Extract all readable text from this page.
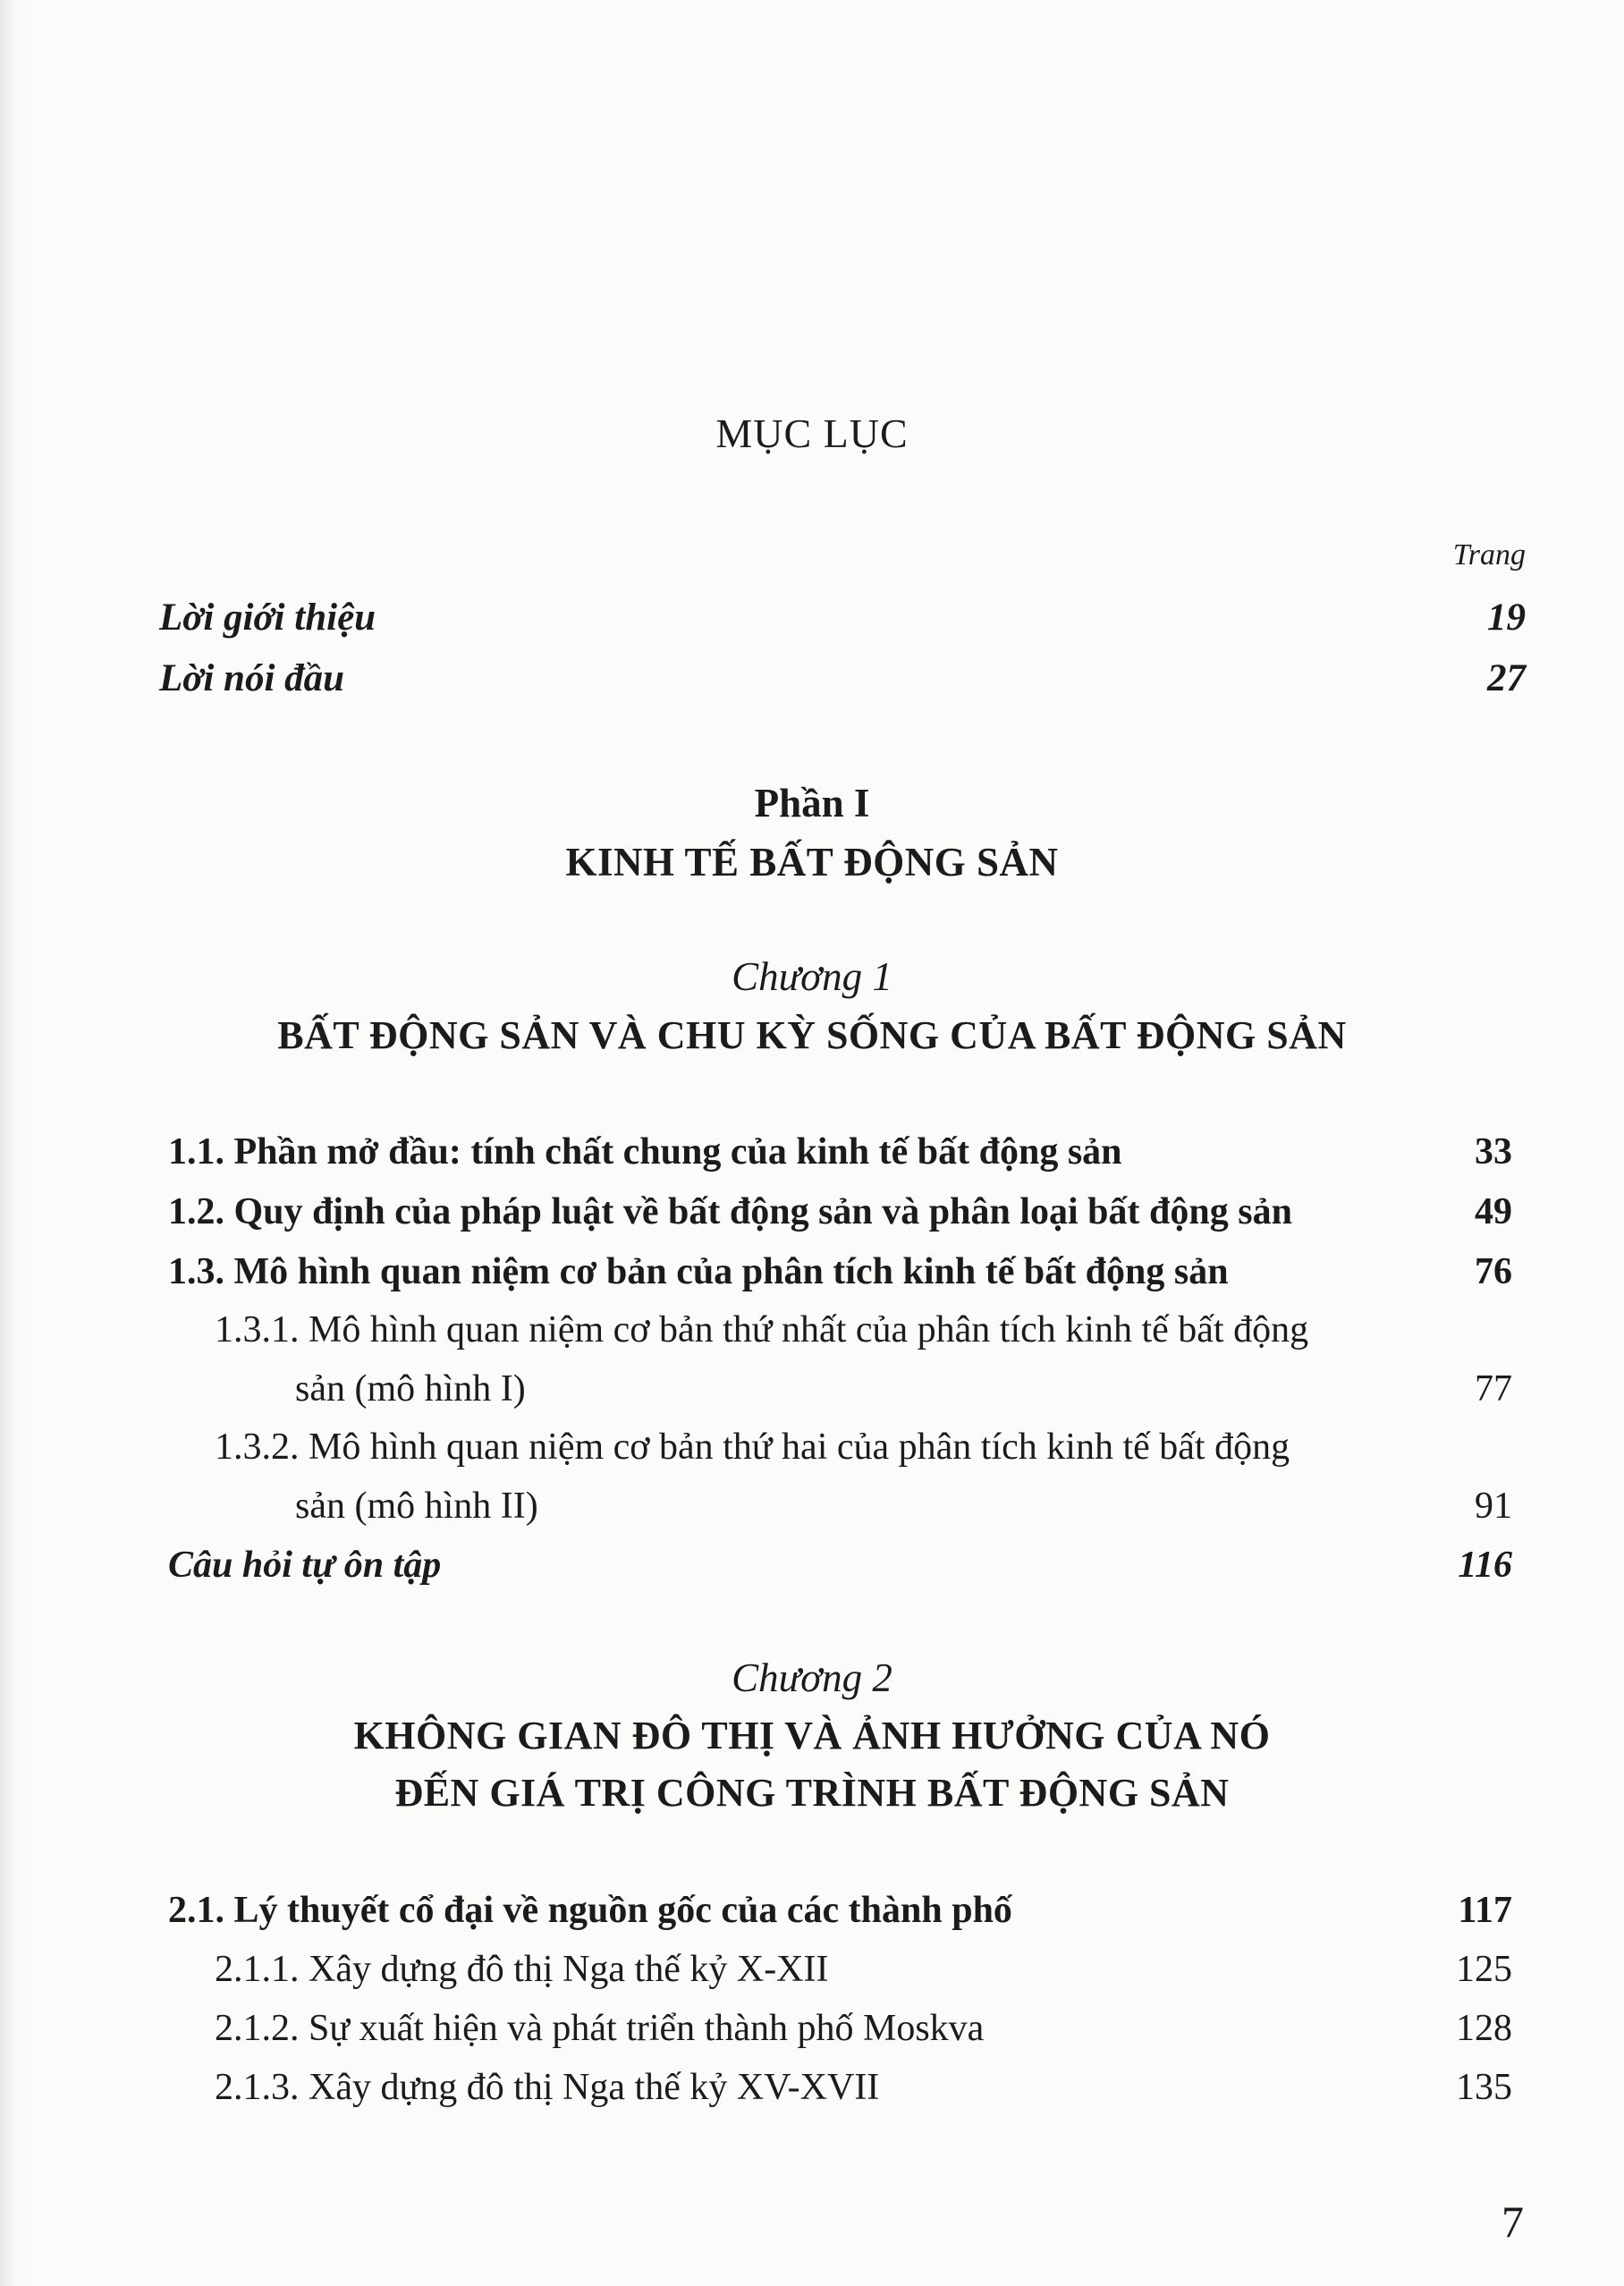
MỤC LỤC
Trang
Lời giới thiệu	19
Lời nói đầu	27
Phần I
KINH TẾ BẤT ĐỘNG SẢN
Chương 1
BẤT ĐỘNG SẢN VÀ CHU KỲ SỐNG CỦA BẤT ĐỘNG SẢN
1.1. Phần mở đầu: tính chất chung của kinh tế bất động sản	33
1.2. Quy định của pháp luật về bất động sản và phân loại bất động sản	49
1.3. Mô hình quan niệm cơ bản của phân tích kinh tế bất động sản	76
1.3.1. Mô hình quan niệm cơ bản thứ nhất của phân tích kinh tế bất động
sản (mô hình I)	77
1.3.2. Mô hình quan niệm cơ bản thứ hai của phân tích kinh tế bất động
sản (mô hình II)	91
Câu hỏi tự ôn tập	116
Chương 2
KHÔNG GIAN ĐÔ THỊ VÀ ẢNH HƯỞNG CỦA NÓ
ĐẾN GIÁ TRỊ CÔNG TRÌNH BẤT ĐỘNG SẢN
2.1. Lý thuyết cổ đại về nguồn gốc của các thành phố	117
2.1.1. Xây dựng đô thị Nga thế kỷ X-XII	125
2.1.2. Sự xuất hiện và phát triển thành phố Moskva	128
2.1.3. Xây dựng đô thị Nga thế kỷ XV-XVII	135
7
